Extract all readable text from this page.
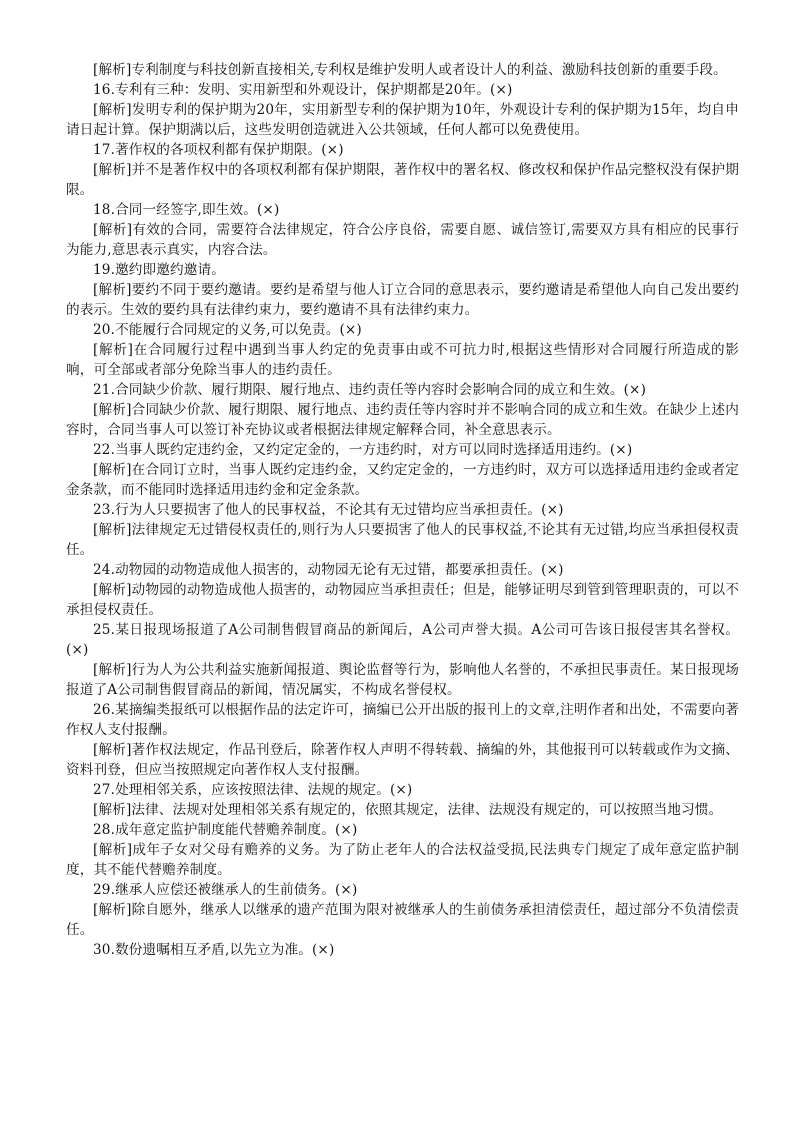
[解析]专利制度与科技创新直接相关,专利权是维护发明人或者设计人的利益、激励科技创新的重要手段。

16.专利有三种：发明、实用新型和外观设计，保护期都是20年。(×)

[解析]发明专利的保护期为20年，实用新型专利的保护期为10年，外观设计专利的保护期为15年，均自申请日起计算。保护期满以后，这些发明创造就进入公共领域，任何人都可以免费使用。

17.著作权的各项权利都有保护期限。(×)

[解析]并不是著作权中的各项权利都有保护期限，著作权中的署名权、修改权和保护作品完整权没有保护期限。

18.合同一经签字,即生效。(×)

[解析]有效的合同，需要符合法律规定，符合公序良俗，需要自愿、诚信签订,需要双方具有相应的民事行为能力,意思表示真实，内容合法。

19.邀约即邀约邀请。

[解析]要约不同于要约邀请。要约是希望与他人订立合同的意思表示，要约邀请是希望他人向自己发出要约的表示。生效的要约具有法律约束力，要约邀请不具有法律约束力。

20.不能履行合同规定的义务,可以免责。(×)

[解析]在合同履行过程中遇到当事人约定的免责事由或不可抗力时,根据这些情形对合同履行所造成的影响，可全部或者部分免除当事人的违约责任。

21.合同缺少价款、履行期限、履行地点、违约责任等内容时会影响合同的成立和生效。(×)

[解析]合同缺少价款、履行期限、履行地点、违约责任等内容时并不影响合同的成立和生效。在缺少上述内容时，合同当事人可以签订补充协议或者根据法律规定解释合同，补全意思表示。

22.当事人既约定违约金，又约定定金的，一方违约时，对方可以同时选择适用违约。(×)

[解析]在合同订立时，当事人既约定违约金，又约定定金的，一方违约时，双方可以选择适用违约金或者定金条款，而不能同时选择适用违约金和定金条款。

23.行为人只要损害了他人的民事权益，不论其有无过错均应当承担责任。(×)

[解析]法律规定无过错侵权责任的,则行为人只要损害了他人的民事权益,不论其有无过错,均应当承担侵权责任。

24.动物园的动物造成他人损害的，动物园无论有无过错，都要承担责任。(×)

[解析]动物园的动物造成他人损害的，动物园应当承担责任；但是，能够证明尽到管到管理职责的，可以不承担侵权责任。

25.某日报现场报道了A公司制售假冒商品的新闻后，A公司声誉大损。A公司可告该日报侵害其名誉权。(×)

[解析]行为人为公共利益实施新闻报道、舆论监督等行为，影响他人名誉的，不承担民事责任。某日报现场报道了A公司制售假冒商品的新闻，情况属实，不构成名誉侵权。

26.某摘编类报纸可以根据作品的法定许可，摘编已公开出版的报刊上的文章,注明作者和出处，不需要向著作权人支付报酬。

[解析]著作权法规定，作品刊登后，除著作权人声明不得转载、摘编的外，其他报刊可以转载或作为文摘、资料刊登，但应当按照规定向著作权人支付报酬。

27.处理相邻关系，应该按照法律、法规的规定。(×)

[解析]法律、法规对处理相邻关系有规定的，依照其规定，法律、法规没有规定的，可以按照当地习惯。

28.成年意定监护制度能代替赡养制度。(×)

[解析]成年子女对父母有赡养的义务。为了防止老年人的合法权益受损,民法典专门规定了成年意定监护制度，其不能代替赡养制度。

29.继承人应偿还被继承人的生前债务。(×)

[解析]除自愿外，继承人以继承的遗产范围为限对被继承人的生前债务承担清偿责任，超过部分不负清偿责任。

30.数份遗嘱相互矛盾,以先立为准。(×)
